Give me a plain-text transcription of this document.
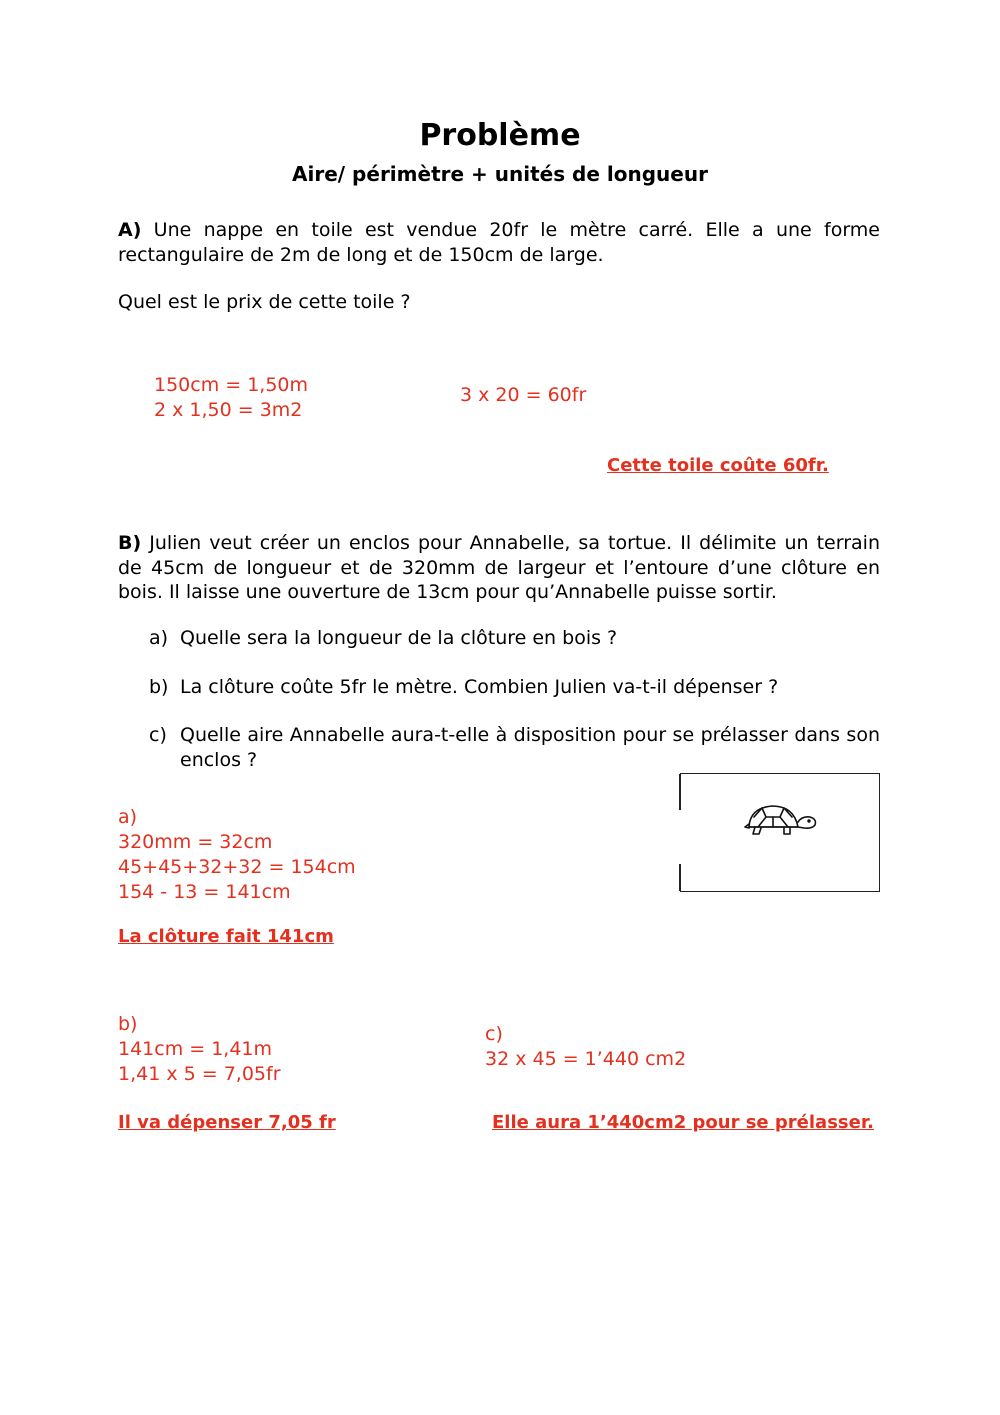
Problème
Aire/ périmètre + unités de longueur

A) Une nappe en toile est vendue 20fr le mètre carré. Elle a une forme rectangulaire de 2m de long et de 150cm de large.

Quel est le prix de cette toile ?

150cm = 1,50m
2 x 1,50 = 3m2
3 x 20 = 60fr
Cette toile coûte 60fr.

B) Julien veut créer un enclos pour Annabelle, sa tortue. Il délimite un terrain de 45cm de longueur et de 320mm de largeur et l’entoure d’une clôture en bois. Il laisse une ouverture de 13cm pour qu’Annabelle puisse sortir.

a) Quelle sera la longueur de la clôture en bois ?
b) La clôture coûte 5fr le mètre. Combien Julien va-t-il dépenser ?
c) Quelle aire Annabelle aura-t-elle à disposition pour se prélasser dans son enclos ?
a)
320mm = 32cm
45+45+32+32 = 154cm
154 - 13 = 141cm
La clôture fait 141cm
b)
141cm = 1,41m
1,41 x 5 = 7,05fr
Il va dépenser 7,05 fr
c)
32 x 45 = 1’440 cm2
Elle aura 1’440cm2 pour se prélasser.
